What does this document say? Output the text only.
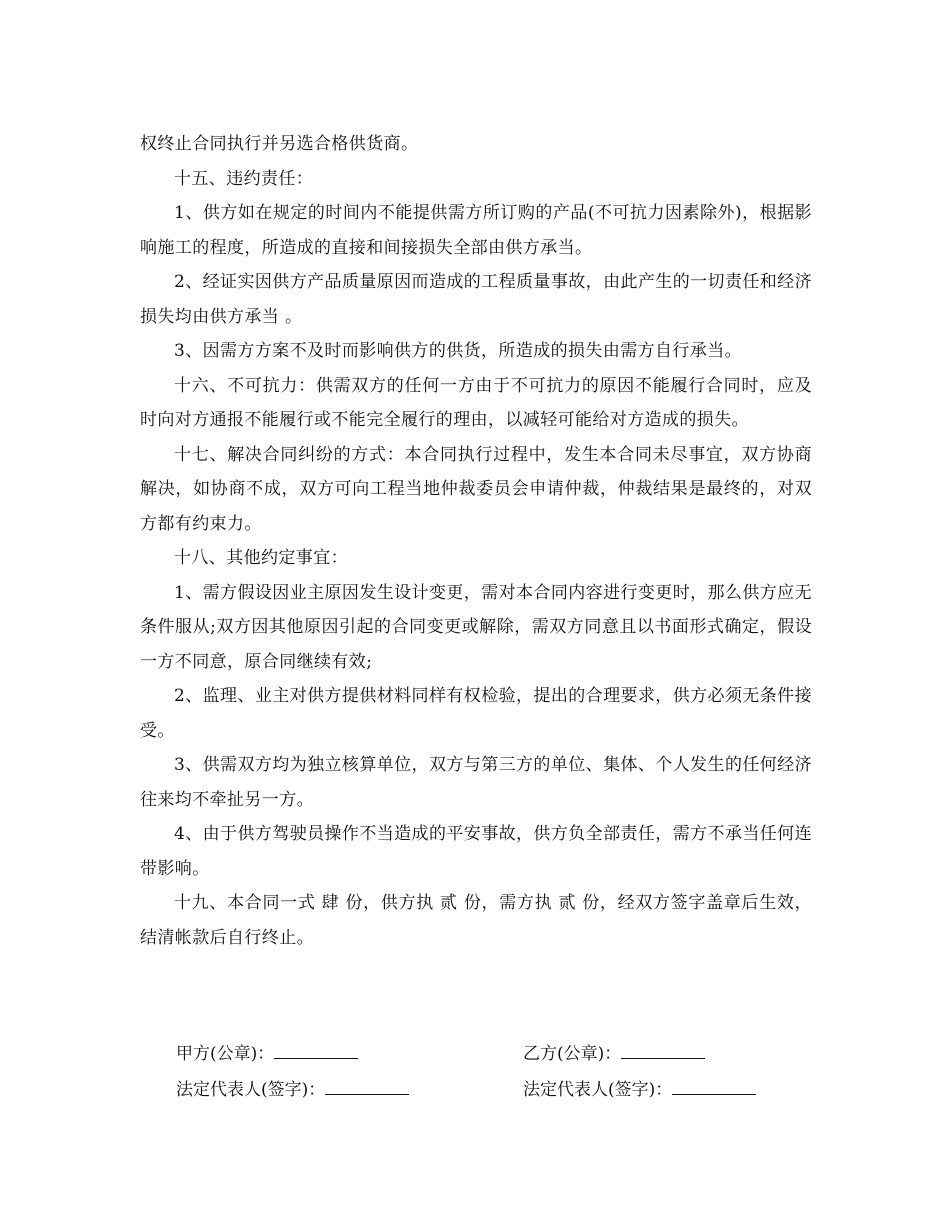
权终止合同执行并另选合格供货商。

十五、违约责任：

1、供方如在规定的时间内不能提供需方所订购的产品(不可抗力因素除外)，根据影响施工的程度，所造成的直接和间接损失全部由供方承当。

2、经证实因供方产品质量原因而造成的工程质量事故，由此产生的一切责任和经济损失均由供方承当 。

3、因需方方案不及时而影响供方的供货，所造成的损失由需方自行承当。

十六、不可抗力：供需双方的任何一方由于不可抗力的原因不能履行合同时，应及时向对方通报不能履行或不能完全履行的理由，以减轻可能给对方造成的损失。

十七、解决合同纠纷的方式：本合同执行过程中，发生本合同未尽事宜，双方协商解决，如协商不成，双方可向工程当地仲裁委员会申请仲裁，仲裁结果是最终的，对双方都有约束力。

十八、其他约定事宜：

1、需方假设因业主原因发生设计变更，需对本合同内容进行变更时，那么供方应无条件服从;双方因其他原因引起的合同变更或解除，需双方同意且以书面形式确定，假设一方不同意，原合同继续有效;

2、监理、业主对供方提供材料同样有权检验，提出的合理要求，供方必须无条件接受。

3、供需双方均为独立核算单位，双方与第三方的单位、集体、个人发生的任何经济往来均不牵扯另一方。

4、由于供方驾驶员操作不当造成的平安事故，供方负全部责任，需方不承当任何连带影响。

十九、本合同一式 肆 份，供方执 贰 份，需方执 贰 份，经双方签字盖章后生效，结清帐款后自行终止。

甲方(公章)：	乙方(公章)：
法定代表人(签字)：	法定代表人(签字)：
